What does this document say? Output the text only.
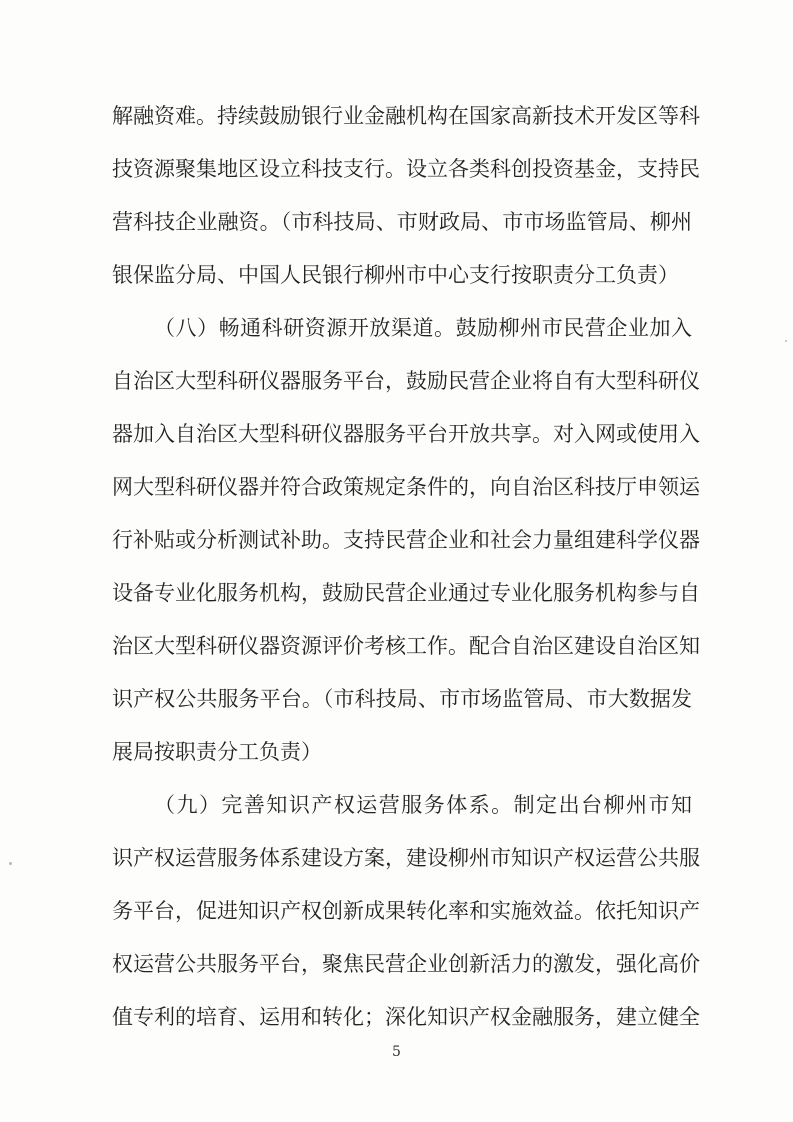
解融资难。持续鼓励银行业金融机构在国家高新技术开发区等科
技资源聚集地区设立科技支行。设立各类科创投资基金，支持民
营科技企业融资。（市科技局、市财政局、市市场监管局、柳州
银保监分局、中国人民银行柳州市中心支行按职责分工负责）
（八）畅通科研资源开放渠道。鼓励柳州市民营企业加入
自治区大型科研仪器服务平台，鼓励民营企业将自有大型科研仪
器加入自治区大型科研仪器服务平台开放共享。对入网或使用入
网大型科研仪器并符合政策规定条件的，向自治区科技厅申领运
行补贴或分析测试补助。支持民营企业和社会力量组建科学仪器
设备专业化服务机构，鼓励民营企业通过专业化服务机构参与自
治区大型科研仪器资源评价考核工作。配合自治区建设自治区知
识产权公共服务平台。（市科技局、市市场监管局、市大数据发
展局按职责分工负责）
（九）完善知识产权运营服务体系。制定出台柳州市知
识产权运营服务体系建设方案，建设柳州市知识产权运营公共服
务平台，促进知识产权创新成果转化率和实施效益。依托知识产
权运营公共服务平台，聚焦民营企业创新活力的激发，强化高价
值专利的培育、运用和转化；深化知识产权金融服务，建立健全
5
